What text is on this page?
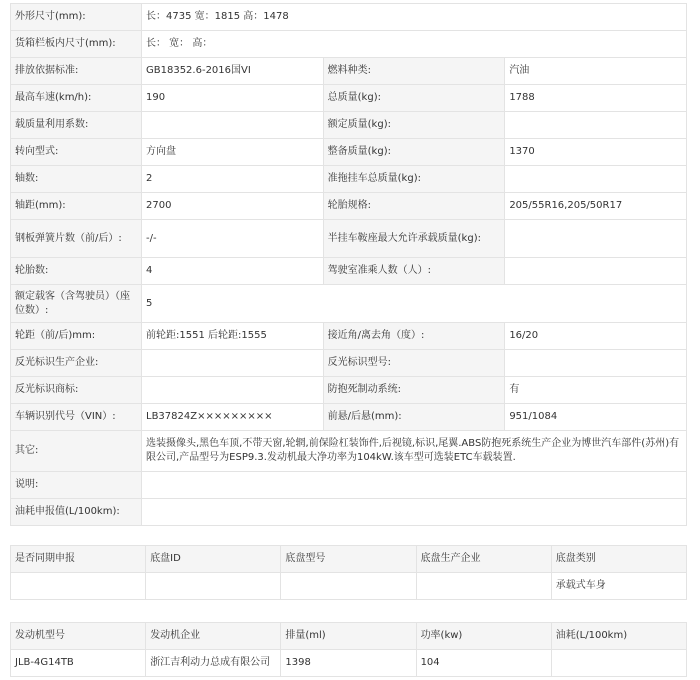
外形尺寸(mm):	长：4735 宽：1815 高：1478		
货箱栏板内尺寸(mm):	长： 宽： 高：		
排放依据标准:	GB18352.6-2016国VI	燃料种类:	汽油
最高车速(km/h):	190	总质量(kg):	1788
载质量利用系数:		额定质量(kg):	
转向型式:	方向盘	整备质量(kg):	1370
轴数:	2	准拖挂车总质量(kg):	
轴距(mm):	2700	轮胎规格:	205/55R16,205/50R17
钢板弹簧片数（前/后）:	-/-	半挂车鞍座最大允许承载质量(kg):	
轮胎数:	4	驾驶室准乘人数（人）:	
额定载客（含驾驶员）（座位数）:	5		
轮距（前/后)mm:	前轮距:1551 后轮距:1555	接近角/离去角（度）:	16/20
反光标识生产企业:		反光标识型号:	
反光标识商标:		防抱死制动系统:	有
车辆识别代号（VIN）:	LB37824Z×××××××××	前悬/后悬(mm):	951/1084
其它:	选装摄像头,黑色车顶,不带天窗,轮辋,前保险杠装饰件,后视镜,标识,尾翼.ABS防抱死系统生产企业为博世汽车部件(苏州)有限公司,产品型号为ESP9.3.发动机最大净功率为104kW.该车型可选装ETC车载装置.		
说明:			
油耗申报值(L/100km):			
是否同期申报	底盘ID	底盘型号	底盘生产企业	底盘类别
				承载式车身
发动机型号	发动机企业	排量(ml)	功率(kw)	油耗(L/100km)
JLB-4G14TB	浙江吉利动力总成有限公司	1398	104	
